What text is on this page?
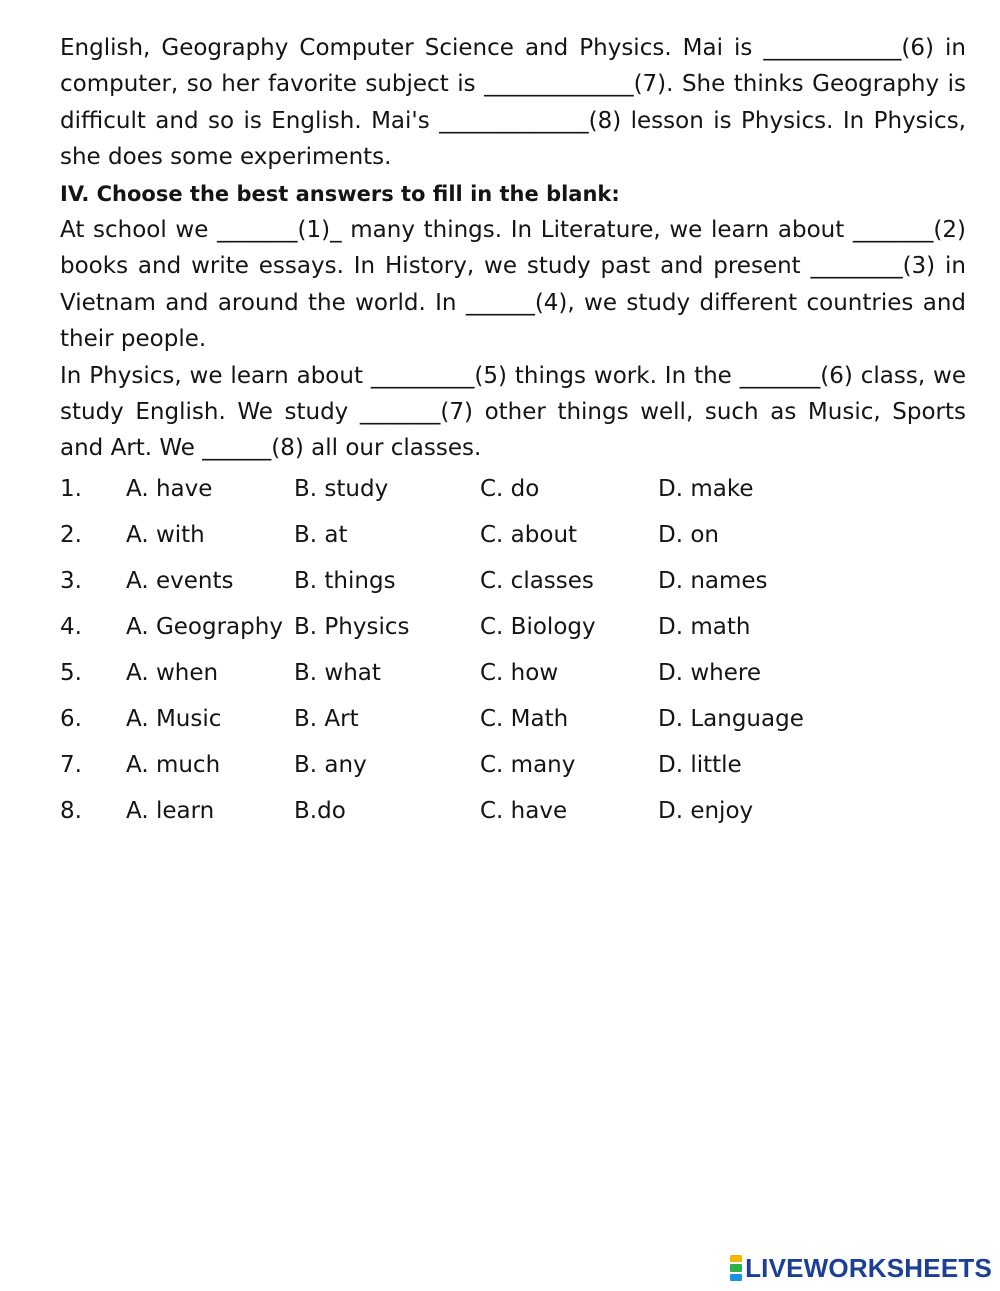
English, Geography Computer Science and Physics. Mai is ____________(6) in computer, so her favorite subject is _____________(7). She thinks Geography is difficult and so is English. Mai's _____________(8) lesson is Physics. In Physics, she does some experiments.

IV. Choose the best answers to fill in the blank:

At school we _______(1)_ many things. In Literature, we learn about _______(2) books and write essays. In History, we study past and present ________(3) in Vietnam and around the world. In ______(4), we study different countries and their people.

In Physics, we learn about _________(5) things work. In the _______(6) class, we study English. We study _______(7) other things well, such as Music, Sports and Art. We ______(8) all our classes.

1.	A. have	B. study	C. do	D. make
2.	A. with	B. at	C. about	D. on
3.	A. events	B. things	C. classes	D. names
4.	A. Geography B. Physics	C. Biology	D. math
5.	A. when	B. what	C. how	D. where
6.	A. Music	B. Art	C. Math	D. Language
7.	A. much	B. any	C. many	D. little
8.	A. learn	B.do	C. have	D. enjoy
LIVEWORKSHEETS
